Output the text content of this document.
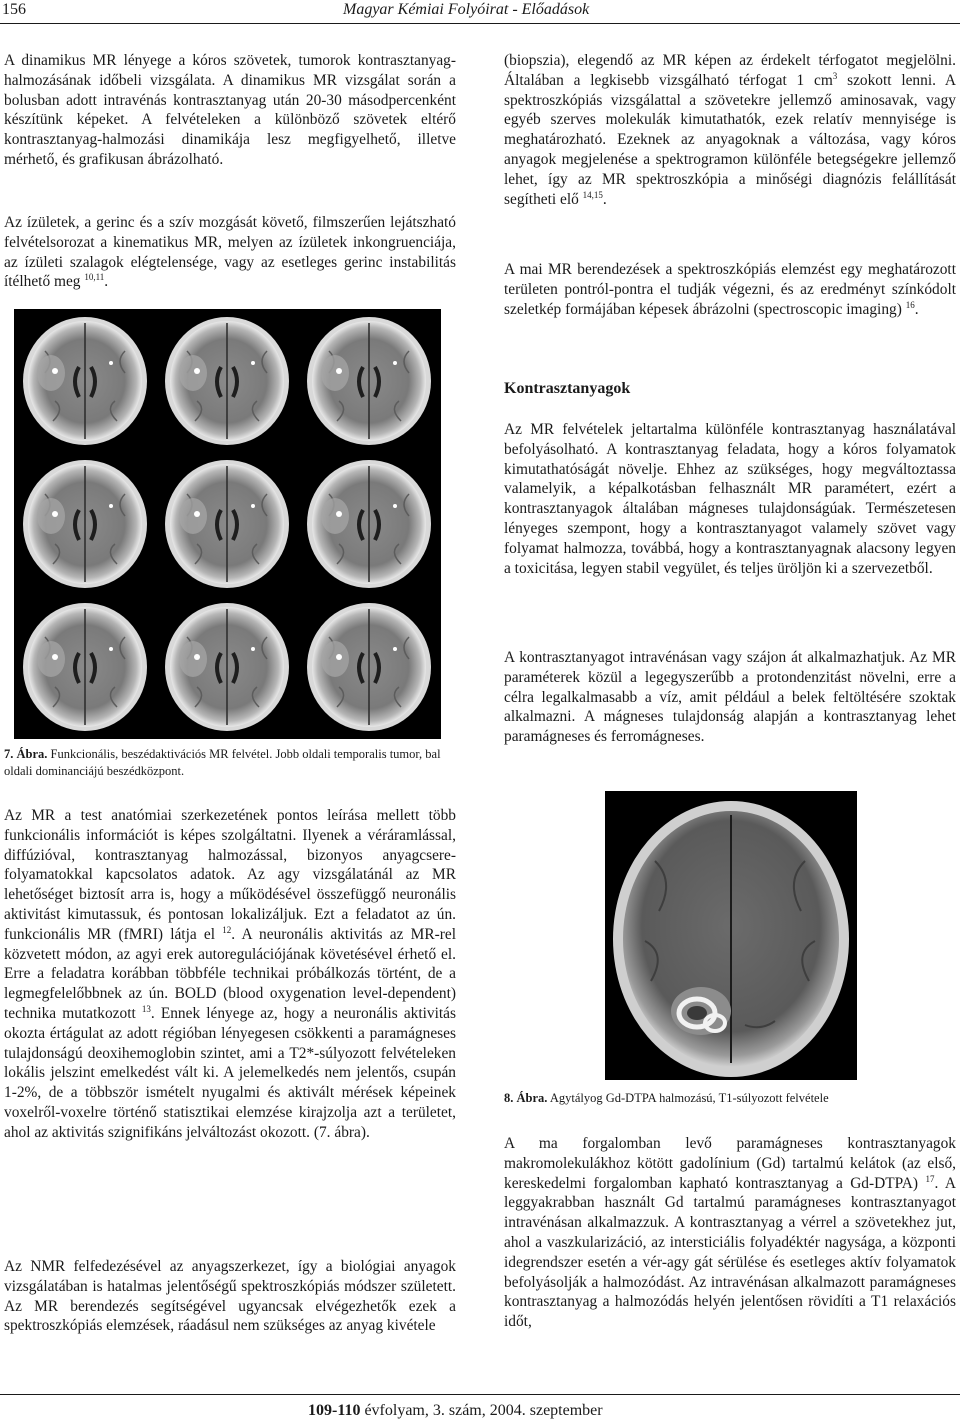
156	Magyar Kémiai Folyóirat - Előadások

A dinamikus MR lényege a kóros szövetek, tumorok kontrasztanyag-halmozásának időbeli vizsgálata. A dinamikus MR vizsgálat során a bolusban adott intravénás kontrasztanyag után 20-30 másodpercenként készítünk képeket. A felvételeken a különböző szövetek eltérő kontrasztanyag-halmozási dinamikája lesz megfigyelhető, illetve mérhető, és grafikusan ábrázolható.

Az ízületek, a gerinc és a szív mozgását követő, filmszerűen lejátszható felvételsorozat a kinematikus MR, melyen az ízületek inkongruenciája, az ízületi szalagok elégtelensége, vagy az esetleges gerinc instabilitás ítélhető meg $^{10,11}$.

7. Ábra. Funkcionális, beszédaktivációs MR felvétel. Jobb oldali temporalis tumor, bal oldali dominanciájú beszédközpont.

Az MR a test anatómiai szerkezetének pontos leírása mellett több funkcionális információt is képes szolgáltatni. Ilyenek a véráramlással, diffúzióval, kontrasztanyag halmozással, bizonyos anyagcsere-folyamatokkal kapcsolatos adatok. Az agy vizsgálatánál az MR lehetőséget biztosít arra is, hogy a működésével összefüggő neuronális aktivitást kimutassuk, és pontosan lokalizáljuk. Ezt a feladatot az ún. funkcionális MR (fMRI) látja el $^{12}$. A neuronális aktivitás az MR-rel közvetett módon, az agyi erek autoregulációjának követésével érhető el. Erre a feladatra korábban többféle technikai próbálkozás történt, de a legmegfelelőbbnek az ún. BOLD (blood oxygenation level-dependent) technika mutatkozott $^{13}$. Ennek lényege az, hogy a neuronális aktivitás okozta értágulat az adott régióban lényegesen csökkenti a paramágneses tulajdonságú deoxihemoglobin szintet, ami a T2*-súlyozott felvételeken lokális jelszint emelkedést vált ki. A jelemelkedés nem jelentős, csupán 1-2%, de a többször ismételt nyugalmi és aktivált mérések képeinek voxelről-voxelre történő statisztikai elemzése kirajzolja azt a területet, ahol az aktivitás szignifikáns jelváltozást okozott. (7. ábra).

Az NMR felfedezésével az anyagszerkezet, így a biológiai anyagok vizsgálatában is hatalmas jelentőségű spektroszkópiás módszer született. Az MR berendezés segítségével ugyancsak elvégezhetők ezek a spektroszkópiás elemzések, ráadásul nem szükséges az anyag kivétele

(biopszia), elegendő az MR képen az érdekelt térfogatot megjelölni. Általában a legkisebb vizsgálható térfogat 1 $cm^3$ szokott lenni. A spektroszkópiás vizsgálattal a szövetekre jellemző aminosavak, vagy egyéb szerves molekulák kimutathatók, ezek relatív mennyisége is meghatározható. Ezeknek az anyagoknak a változása, vagy kóros anyagok megjelenése a spektrogramon különféle betegségekre jellemző lehet, így az MR spektroszkópia a minőségi diagnózis felállítását segítheti elő $^{14,15}$.

A mai MR berendezések a spektroszkópiás elemzést egy meghatározott területen pontról-pontra el tudják végezni, és az eredményt színkódolt szeletkép formájában képesek ábrázolni (spectroscopic imaging) $^{16}$.

Kontrasztanyagok

Az MR felvételek jeltartalma különféle kontrasztanyag használatával befolyásolható. A kontrasztanyag feladata, hogy a kóros folyamatok kimutathatóságát növelje. Ehhez az szükséges, hogy megváltoztassa valamelyik, a képalkotásban felhasznált MR paramétert, ezért a kontrasztanyagok általában mágneses tulajdonságúak. Természetesen lényeges szempont, hogy a kontrasztanyagot valamely szövet vagy folyamat halmozza, továbbá, hogy a kontrasztanyagnak alacsony legyen a toxicitása, legyen stabil vegyület, és teljes üröljön ki a szervezetből.

A kontrasztanyagot intravénásan vagy szájon át alkalmazhatjuk. Az MR paraméterek közül a legegyszerűbb a protondenzitást növelni, erre a célra legalkalmasabb a víz, amit például a belek feltöltésére szoktak alkalmazni. A mágneses tulajdonság alapján a kontrasztanyag lehet paramágneses és ferromágneses.

8. Ábra. Agytályog Gd-DTPA halmozású, T1-súlyozott felvétele

A ma forgalomban levő paramágneses kontrasztanyagok makromolekulákhoz kötött gadolínium (Gd) tartalmú kelátok (az első, kereskedelmi forgalomban kapható kontrasztanyag a Gd-DTPA) $^{17}$. A leggyakrabban használt Gd tartalmú paramágneses kontrasztanyagot intravénásan alkalmazzuk. A kontrasztanyag a vérrel a szövetekhez jut, ahol a vaszkularizáció, az intersticiális folyadéktér nagysága, a központi idegrendszer esetén a vér-agy gát sérülése és esetleges aktív folyamatok befolyásolják a halmozódást. Az intravénásan alkalmazott paramágneses kontrasztanyag a halmozódás helyén jelentősen rövidíti a T1 relaxációs időt,

109-110 évfolyam, 3. szám, 2004. szeptember
